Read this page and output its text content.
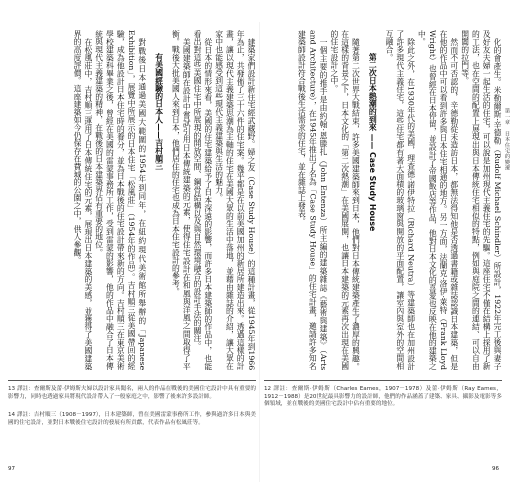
建築家們設計新住宅經武藏野。婦之友（Case Study House）的這種計畫，從1945年到1966年為止，共發佈了三十六件的住宅案。幾乎都是在以前美國加州的新居所建造出來。透過這樣的計畫，讓以現代主義建築思潮為主軸的住宅在美國大眾的生活中落地，並藉由雜誌的介紹，讓大眾在家中也能感受到這些現代主義建築與生活的魅力。

從日本的情形來看，美國的住宅建築給予了日本深遠的影響，而許多日本建築師的作品中，也能看出對這些美國住宅中所展現的開放空間、鋼骨結構以及與自然環境融合的設計手法的關注。

美國建築師在設計中嘗試引用日本傳統建築的元素，使得住宅設計在和風與洋風之間取得了平衡。戰後大批美國人來到日本，他們居住的住宅也成為日本住宅設計的參考。

有美國經驗的日本人——吉村順三

對戰後日本通過美國大範圍的1954年到同年，在紐約現代美術館所舉辦的「Japanese Exhibition」，展覽中所展示的日本住宅「松風莊」（1954年的作品）。吉村順三從美國帶回的經驗，成為他設計日本住宅時的養分，並為日本戰後的住宅設計帶來新的方向。吉村順三在東京美術學校建築科畢業之後，曾經在美國的雷蒙事務所工作，受到雷蒙的影響，他的作品中融合了日本傳統與現代主義建築的精神，在戰後的日本建築界佔有重要的地位。

在松風莊中，吉村順三運用了日本傳統住宅的元素，展現出日本建築的美感，並獲得了美國建築界的高度評價。這座建築如今仍保存在費城的公園之中，供人參觀。

13 譯註：查爾斯及蕾·伊姆斯夫婦以設計家具聞名，兩人的作品在戰後的美國住宅設計中具有重要的影響力，同時也透過家具將現代設計帶入了一般家庭之中，影響了後來許多設計師。
14 譯註：吉村順三（1908－1997），日本建築師，曾在美國雷蒙事務所工作，參與過許多日本與美國的住宅設計，並對日本戰後住宅設計的發展有所貢獻，代表作品有松風莊等。
97

化的會產生。米勒爾斯·辛德勒（Rudolf Michael Schindler）所設計，1922年完工後與妻子及好友夫婦一起生活的住宅，可以說是加州現代主義住宅的先驅。這座住宅不僅在結構上採用了新的工法，也在空間的配置上展現出與日本傳統住宅相似的特點，例如與庭院之間的連結、可以自由開闔的拉門等。

然而不可否認的，辛德勒從未造訪日本，都無法得知他是否透過書籍或雜誌認識日本建築，但是在他的作品中可以看到許多與日本住宅相通的地方。另一方面，法蘭克·洛伊·萊特（Frank Lloyd Wright）也曾經在日本停留，並設計了帝國飯店等作品，他對日本文化的喜愛也反映在他的建築之中。

除此之外，在1930年代的美國，理查德·諾伊特拉（Richard Neutra）等建築師也在加州設計了許多現代主義住宅，這些住宅都有著大面積的玻璃窗與開放的平面配置，讓室內與室外的空間相互融合。

第二次日本熱潮的到來 —— Case Study House

隨著第二次世界大戰結束，許多美國建築師來到日本，他們對日本傳統建築產生了濃厚的興趣。在這樣的背景之下，日本文化的「第二次熱潮」在美國展開，也讓日本建築的元素再次出現在美國的住宅設計之中。

一個主要的推手是由約翰·恩滕扎（John Entenza）所主編的建築雜誌《藝術與建築》（Arts and Architecture），在1945年推出了名為「Case Study House」的住宅計畫，邀請許多知名建築師設計符合戰後生活需求的住宅，並在雜誌上發表。	第一章　日本住宅的變遷
12 譯註：查爾斯·伊姆斯（Charles Eames，1907－1978）及蕾·伊姆斯（Ray Eames，1912－1988）是20世紀最具影響力的設計師，他們的作品涵蓋了建築、家具、攝影及電影等多個領域，並在戰後的美國住宅設計中佔有重要的地位。
96
